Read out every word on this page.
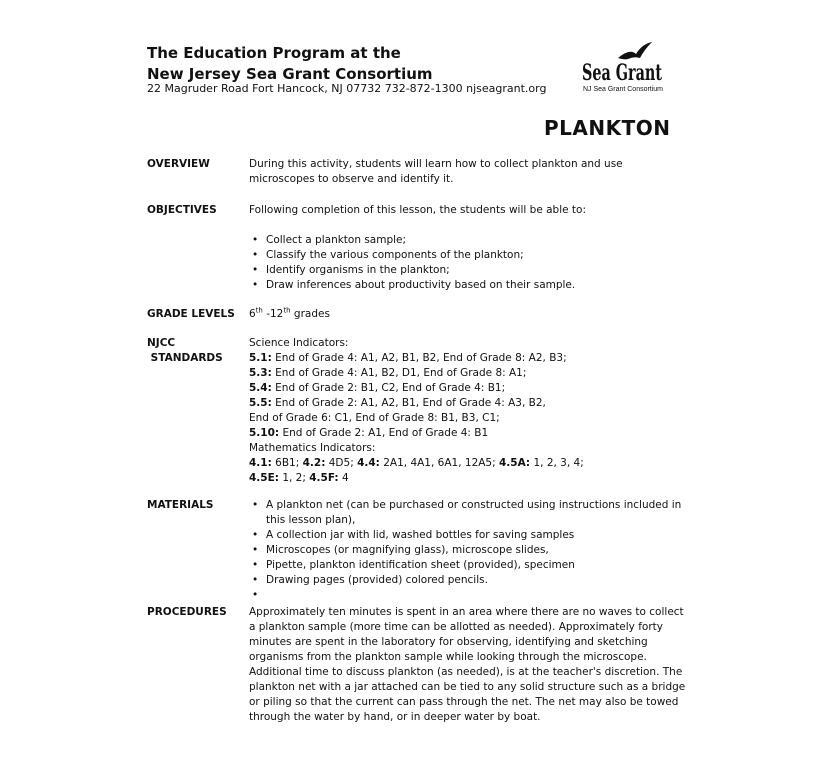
The Education Program at the
New Jersey Sea Grant Consortium
22 Magruder Road Fort Hancock, NJ 07732 732-872-1300 njseagrant.org
Sea Grant
NJ Sea Grant Consortium
PLANKTON
OVERVIEW	During this activity, students will learn how to collect plankton and use microscopes to observe and identify it.
OBJECTIVES	Following completion of this lesson, the students will be able to:
• Collect a plankton sample;
• Classify the various components of the plankton;
• Identify organisms in the plankton;
• Draw inferences about productivity based on their sample.
GRADE LEVELS	6th -12th grades
NJCC
STANDARDS
Science Indicators:
5.1: End of Grade 4: A1, A2, B1, B2, End of Grade 8: A2, B3;
5.3: End of Grade 4: A1, B2, D1, End of Grade 8: A1;
5.4: End of Grade 2: B1, C2, End of Grade 4: B1;
5.5: End of Grade 2: A1, A2, B1, End of Grade 4: A3, B2,
End of Grade 6: C1, End of Grade 8: B1, B3, C1;
5.10: End of Grade 2: A1, End of Grade 4: B1
Mathematics Indicators:
4.1: 6B1; 4.2: 4D5; 4.4: 2A1, 4A1, 6A1, 12A5; 4.5A: 1, 2, 3, 4;
4.5E: 1, 2; 4.5F: 4
MATERIALS
•	A plankton net (can be purchased or constructed using instructions included in this lesson plan),
• A collection jar with lid, washed bottles for saving samples
• Microscopes (or magnifying glass), microscope slides,
• Pipette, plankton identification sheet (provided), specimen
• Drawing pages (provided) colored pencils.
•
PROCEDURES	Approximately ten minutes is spent in an area where there are no waves to collect a plankton sample (more time can be allotted as needed). Approximately forty minutes are spent in the laboratory for observing, identifying and sketching organisms from the plankton sample while looking through the microscope. Additional time to discuss plankton (as needed), is at the teacher's discretion. The plankton net with a jar attached can be tied to any solid structure such as a bridge or piling so that the current can pass through the net. The net may also be towed through the water by hand, or in deeper water by boat.
